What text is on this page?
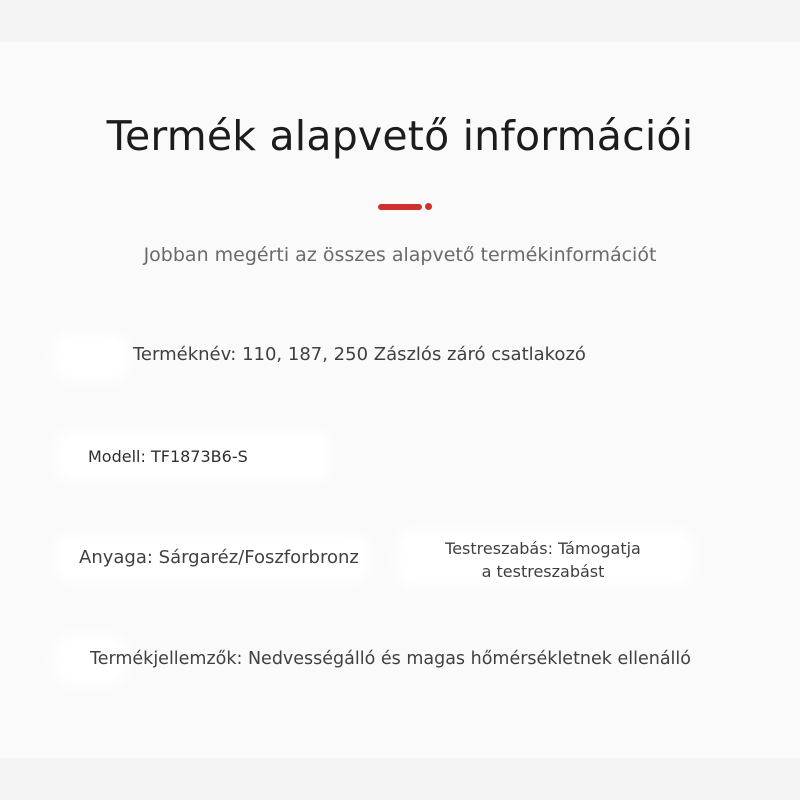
Termék alapvető információi
Jobban megérti az összes alapvető termékinformációt
Terméknév: 110, 187, 250 Zászlós záró csatlakozó
Modell: TF1873B6-S
Anyaga: Sárgaréz/Foszforbronz	Testreszabás: Támogatja
a testreszabást
Termékjellemzők: Nedvességálló és magas hőmérsékletnek ellenálló
